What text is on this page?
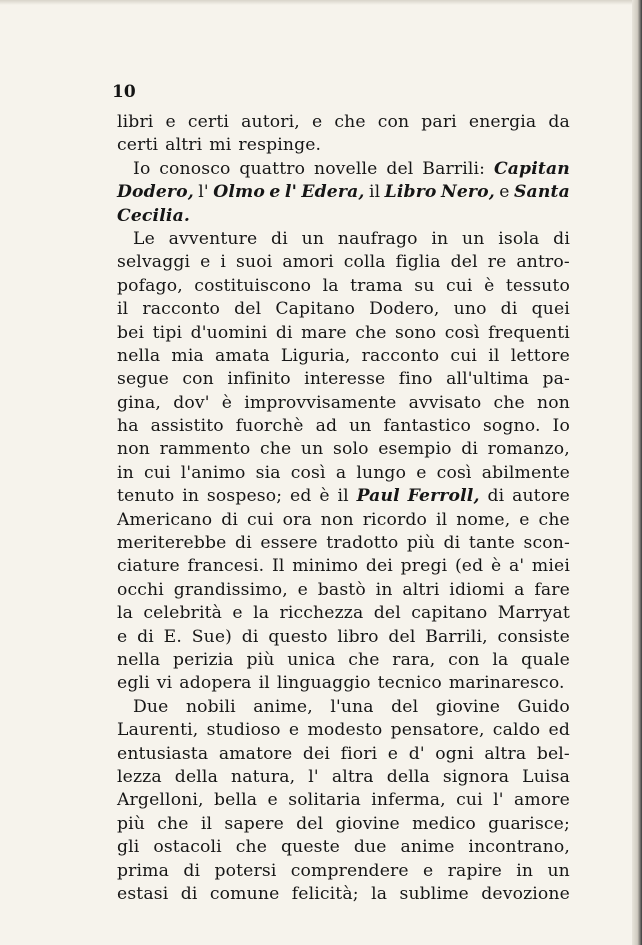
10

libri e certi autori, e che con pari energia da
certi altri mi respinge.
Io conosco quattro novelle del Barrili: Capitan
Dodero, l' Olmo e l' Edera, il Libro Nero, e Santa
Cecilia.
Le avventure di un naufrago in un isola di
selvaggi e i suoi amori colla figlia del re antro-
pofago, costituiscono la trama su cui è tessuto
il racconto del Capitano Dodero, uno di quei
bei tipi d'uomini di mare che sono così frequenti
nella mia amata Liguria, racconto cui il lettore
segue con infinito interesse fino all'ultima pa-
gina, dov' è improvvisamente avvisato che non
ha assistito fuorchè ad un fantastico sogno. Io
non rammento che un solo esempio di romanzo,
in cui l'animo sia così a lungo e così abilmente
tenuto in sospeso; ed è il Paul Ferroll, di autore
Americano di cui ora non ricordo il nome, e che
meriterebbe di essere tradotto più di tante scon-
ciature francesi. Il minimo dei pregi (ed è a' miei
occhi grandissimo, e bastò in altri idiomi a fare
la celebrità e la ricchezza del capitano Marryat
e di E. Sue) di questo libro del Barrili, consiste
nella perizia più unica che rara, con la quale
egli vi adopera il linguaggio tecnico marinaresco.
Due nobili anime, l'una del giovine Guido
Laurenti, studioso e modesto pensatore, caldo ed
entusiasta amatore dei fiori e d' ogni altra bel-
lezza della natura, l' altra della signora Luisa
Argelloni, bella e solitaria inferma, cui l' amore
più che il sapere del giovine medico guarisce;
gli ostacoli che queste due anime incontrano,
prima di potersi comprendere e rapire in un
estasi di comune felicità; la sublime devozione
